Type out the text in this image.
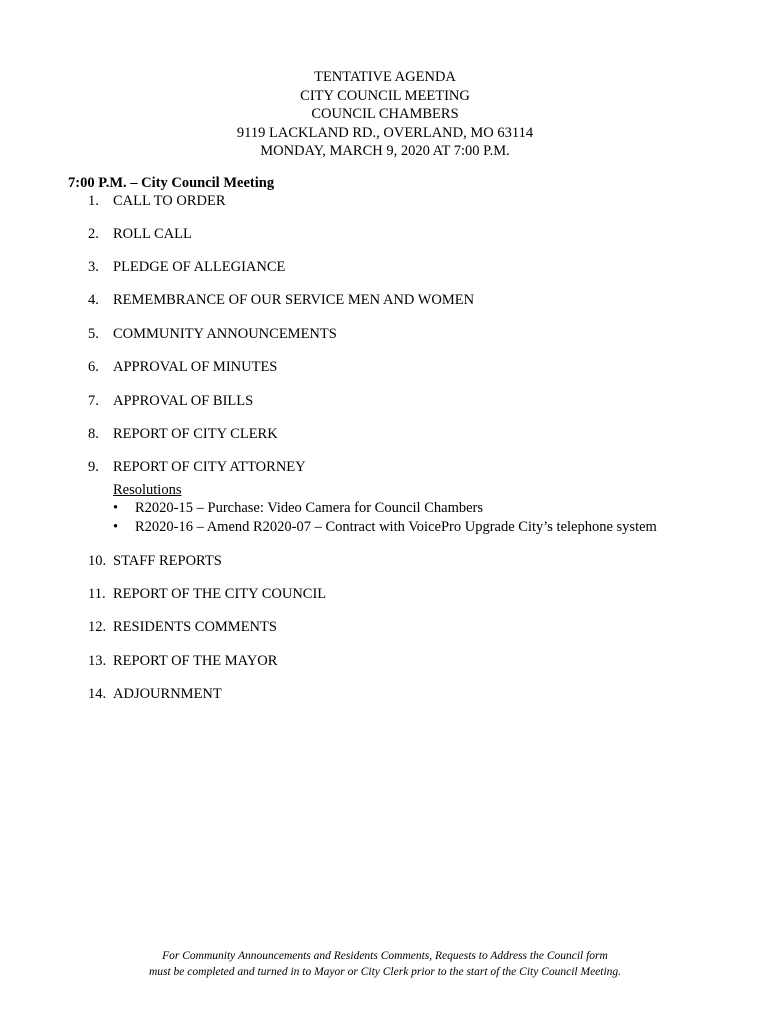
TENTATIVE AGENDA
CITY COUNCIL MEETING
COUNCIL CHAMBERS
9119 LACKLAND RD., OVERLAND, MO 63114
MONDAY, MARCH 9, 2020 AT 7:00 P.M.
7:00 P.M. – City Council Meeting
1. CALL TO ORDER
2. ROLL CALL
3. PLEDGE OF ALLEGIANCE
4. REMEMBRANCE OF OUR SERVICE MEN AND WOMEN
5. COMMUNITY ANNOUNCEMENTS
6. APPROVAL OF MINUTES
7. APPROVAL OF BILLS
8. REPORT OF CITY CLERK
9. REPORT OF CITY ATTORNEY
Resolutions
• R2020-15 – Purchase: Video Camera for Council Chambers
• R2020-16 – Amend R2020-07 – Contract with VoicePro Upgrade City’s telephone system
10. STAFF REPORTS
11. REPORT OF THE CITY COUNCIL
12. RESIDENTS COMMENTS
13. REPORT OF THE MAYOR
14. ADJOURNMENT
For Community Announcements and Residents Comments, Requests to Address the Council form
must be completed and turned in to Mayor or City Clerk prior to the start of the City Council Meeting.
